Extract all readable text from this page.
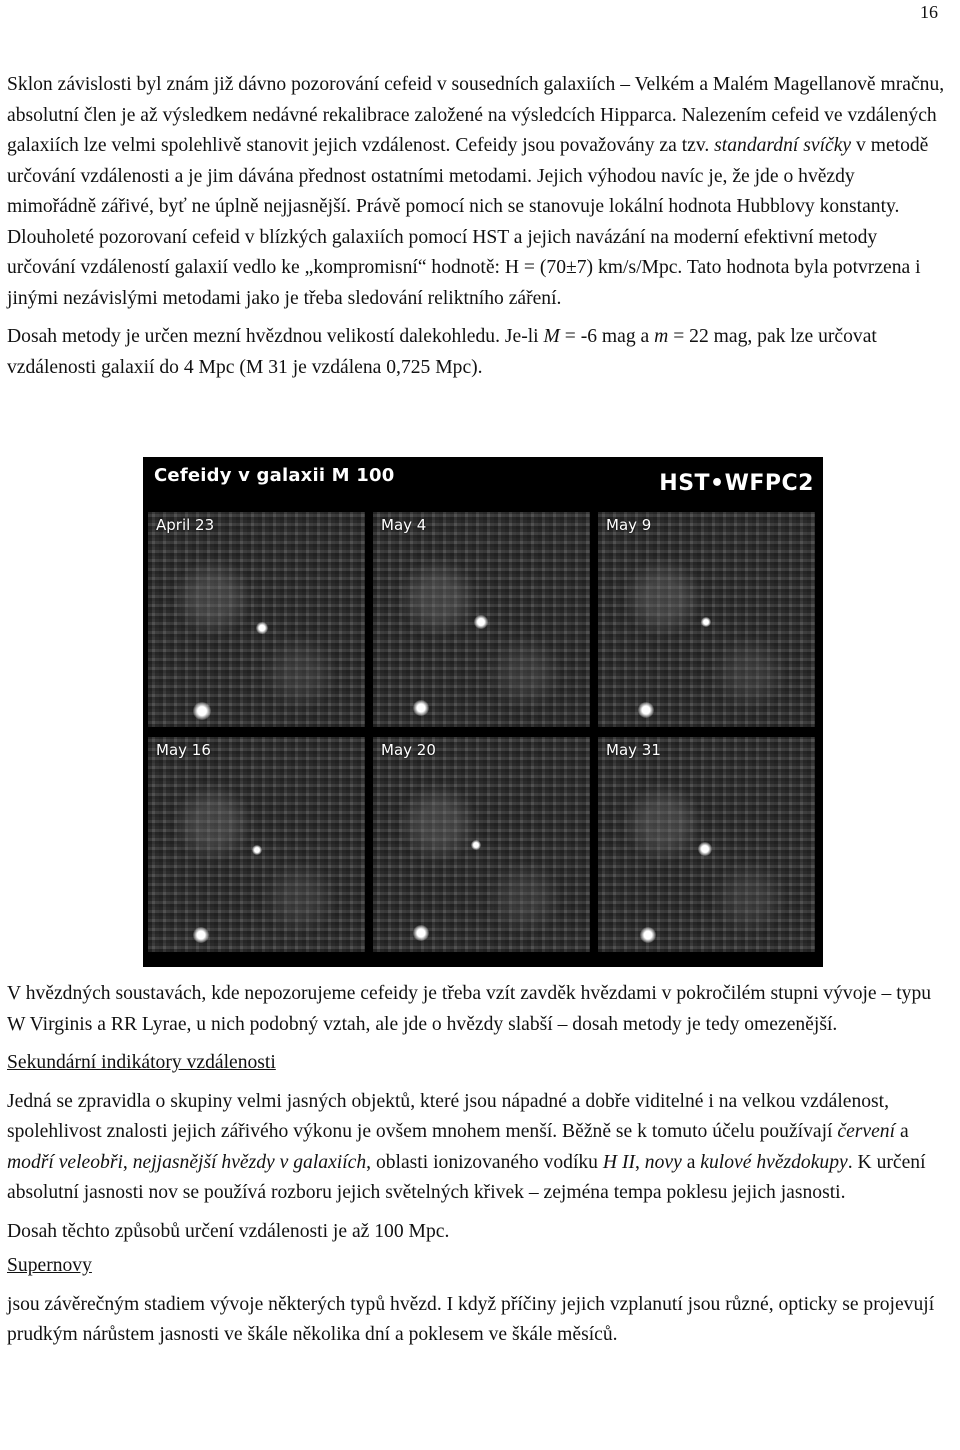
16

Sklon závislosti byl znám již dávno pozorování cefeid v sousedních galaxiích – Velkém a Malém Magellanově mračnu, absolutní člen je až výsledkem nedávné rekalibrace založené na výsledcích Hipparca. Nalezením cefeid ve vzdálených galaxiích lze velmi spolehlivě stanovit jejich vzdálenost. Cefeidy jsou považovány za tzv. standardní svíčky v metodě určování vzdálenosti a je jim dávána přednost ostatními metodami. Jejich výhodou navíc je, že jde o hvězdy mimořádně zářivé, byť ne úplně nejjasnější. Právě pomocí nich se stanovuje lokální hodnota Hubblovy konstanty. Dlouholeté pozorovaní cefeid v blízkých galaxiích pomocí HST a jejich navázání na moderní efektivní metody určování vzdáleností galaxií vedlo ke „kompromisní“ hodnotě: H = (70±7) km/s/Mpc. Tato hodnota byla potvrzena i jinými nezávislými metodami jako je třeba sledování reliktního záření.

Dosah metody je určen mezní hvězdnou velikostí dalekohledu. Je-li M = -6 mag a m = 22 mag, pak lze určovat vzdálenosti galaxií do 4 Mpc (M 31 je vzdálena 0,725 Mpc).

Cefeidy v galaxii M 100	HST•WFPC2
April 23	May 4	May 9
May 16	May 20	May 31

V hvězdných soustavách, kde nepozorujeme cefeidy je třeba vzít zavděk hvězdami v pokročilém stupni vývoje – typu W Virginis a RR Lyrae, u nich podobný vztah, ale jde o hvězdy slabší – dosah metody je tedy omezenější.

Sekundární indikátory vzdálenosti

Jedná se zpravidla o skupiny velmi jasných objektů, které jsou nápadné a dobře viditelné i na velkou vzdálenost, spolehlivost znalosti jejich zářivého výkonu je ovšem mnohem menší. Běžně se k tomuto účelu používají červení a modří veleobři, nejjasnější hvězdy v galaxiích, oblasti ionizovaného vodíku H II, novy a kulové hvězdokupy. K určení absolutní jasnosti nov se používá rozboru jejich světelných křivek – zejména tempa poklesu jejich jasnosti.

Dosah těchto způsobů určení vzdálenosti je až 100 Mpc.

Supernovy

jsou závěrečným stadiem vývoje některých typů hvězd. I když příčiny jejich vzplanutí jsou různé, opticky se projevují prudkým nárůstem jasnosti ve škále několika dní a poklesem ve škále měsíců.
